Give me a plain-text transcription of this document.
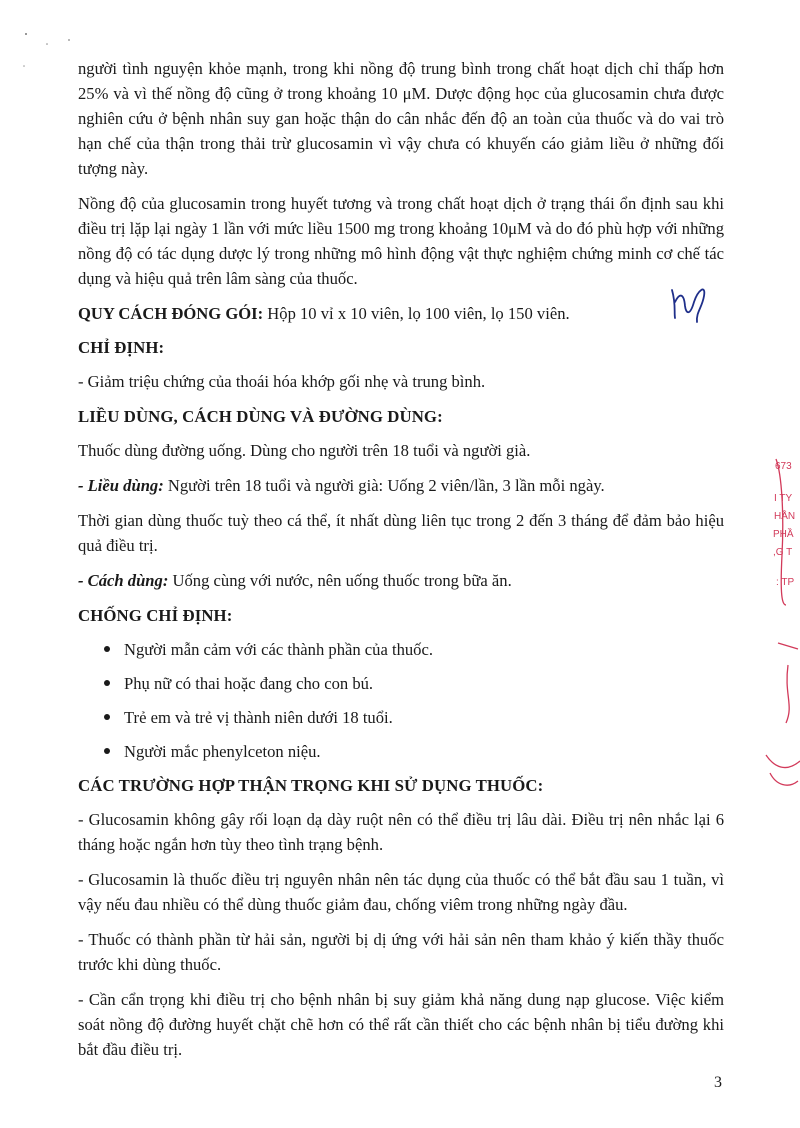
người tình nguyện khỏe mạnh, trong khi nồng độ trung bình trong chất hoạt dịch chỉ thấp hơn 25% và vì thế nồng độ cũng ở trong khoảng 10 μM. Dược động học của glucosamin chưa được nghiên cứu ở bệnh nhân suy gan hoặc thận do cân nhắc đến độ an toàn của thuốc và do vai trò hạn chế của thận trong thải trừ glucosamin vì vậy chưa có khuyến cáo giảm liều ở những đối tượng này.

Nồng độ của glucosamin trong huyết tương và trong chất hoạt dịch ở trạng thái ổn định sau khi điều trị lặp lại ngày 1 lần với mức liều 1500 mg trong khoảng 10μM và do đó phù hợp với những nồng độ có tác dụng dược lý trong những mô hình động vật thực nghiệm chứng minh cơ chế tác dụng và hiệu quả trên lâm sàng của thuốc.

QUY CÁCH ĐÓNG GÓI: Hộp 10 vỉ x 10 viên, lọ 100 viên, lọ 150 viên.

CHỈ ĐỊNH:

- Giảm triệu chứng của thoái hóa khớp gối nhẹ và trung bình.

LIỀU DÙNG, CÁCH DÙNG VÀ ĐƯỜNG DÙNG:

Thuốc dùng đường uống. Dùng cho người trên 18 tuổi và người già.

- Liều dùng: Người trên 18 tuổi và người già: Uống 2 viên/lần, 3 lần mỗi ngày.

Thời gian dùng thuốc tuỳ theo cá thể, ít nhất dùng liên tục trong 2 đến 3 tháng để đảm bảo hiệu quả điều trị.

- Cách dùng: Uống cùng với nước, nên uống thuốc trong bữa ăn.

CHỐNG CHỈ ĐỊNH:
Người mẫn cảm với các thành phần của thuốc.
Phụ nữ có thai hoặc đang cho con bú.
Trẻ em và trẻ vị thành niên dưới 18 tuổi.
Người mắc phenylceton niệu.
CÁC TRƯỜNG HỢP THẬN TRỌNG KHI SỬ DỤNG THUỐC:

- Glucosamin không gây rối loạn dạ dày ruột nên có thể điều trị lâu dài. Điều trị nên nhắc lại 6 tháng hoặc ngắn hơn tùy theo tình trạng bệnh.

- Glucosamin là thuốc điều trị nguyên nhân nên tác dụng của thuốc có thể bắt đầu sau 1 tuần, vì vậy nếu đau nhiều có thể dùng thuốc giảm đau, chống viêm trong những ngày đầu.

- Thuốc có thành phần từ hải sản, người bị dị ứng với hải sản nên tham khảo ý kiến thầy thuốc trước khi dùng thuốc.

- Cần cẩn trọng khi điều trị cho bệnh nhân bị suy giảm khả năng dung nạp glucose. Việc kiểm soát nồng độ đường huyết chặt chẽ hơn có thể rất cần thiết cho các bệnh nhân bị tiểu đường khi bắt đầu điều trị.

673
I TY
HẦN
PHẦ
,G T
: TP
3
